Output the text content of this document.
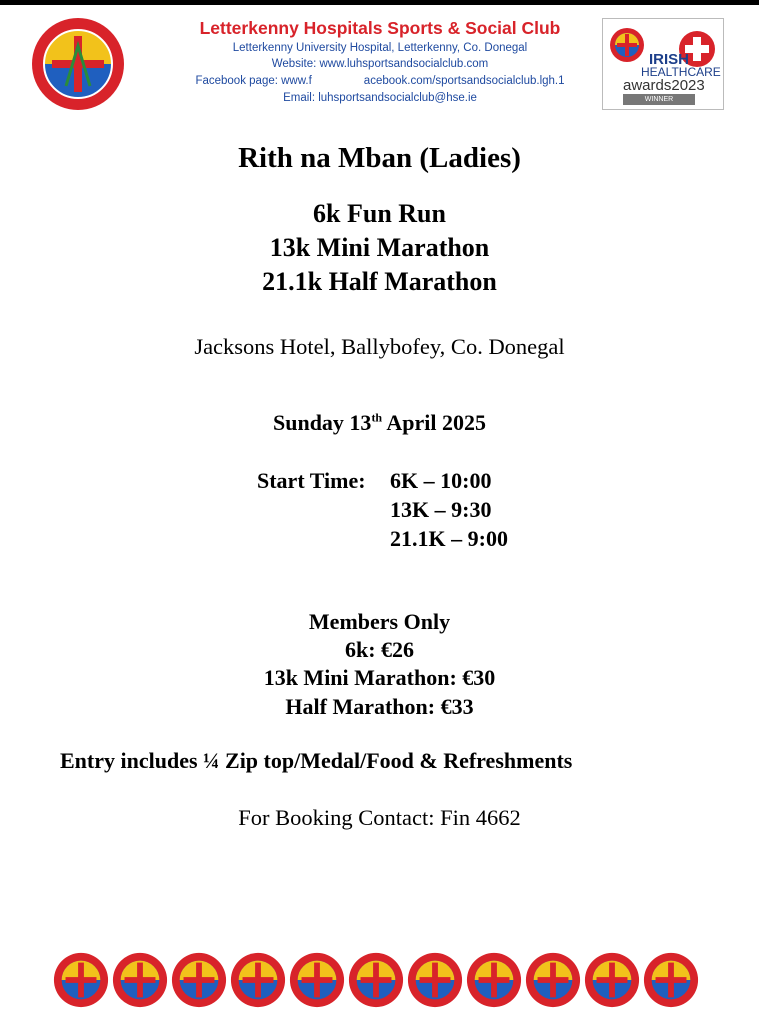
IRISH
HEALTHCARE
awards2023
WINNER
Letterkenny Hospitals Sports & Social Club
Letterkenny University Hospital, Letterkenny, Co. Donegal
Website: www.luhsportsandsocialclub.com
Facebook page: www.f	acebook.com/sportsandsocialclub.lgh.1
Email: luhsportsandsocialclub@hse.ie
Rith na Mban (Ladies)
6k Fun Run
13k Mini Marathon
21.1k Half Marathon
Jacksons Hotel, Ballybofey, Co. Donegal
Sunday 13th April 2025
Start Time: 6K – 10:00
13K – 9:30
21.1K – 9:00
Members Only
6k: €26
13k Mini Marathon: €30
Half Marathon: €33
Entry includes ¼ Zip top/Medal/Food & Refreshments
For Booking Contact: Fin 4662
